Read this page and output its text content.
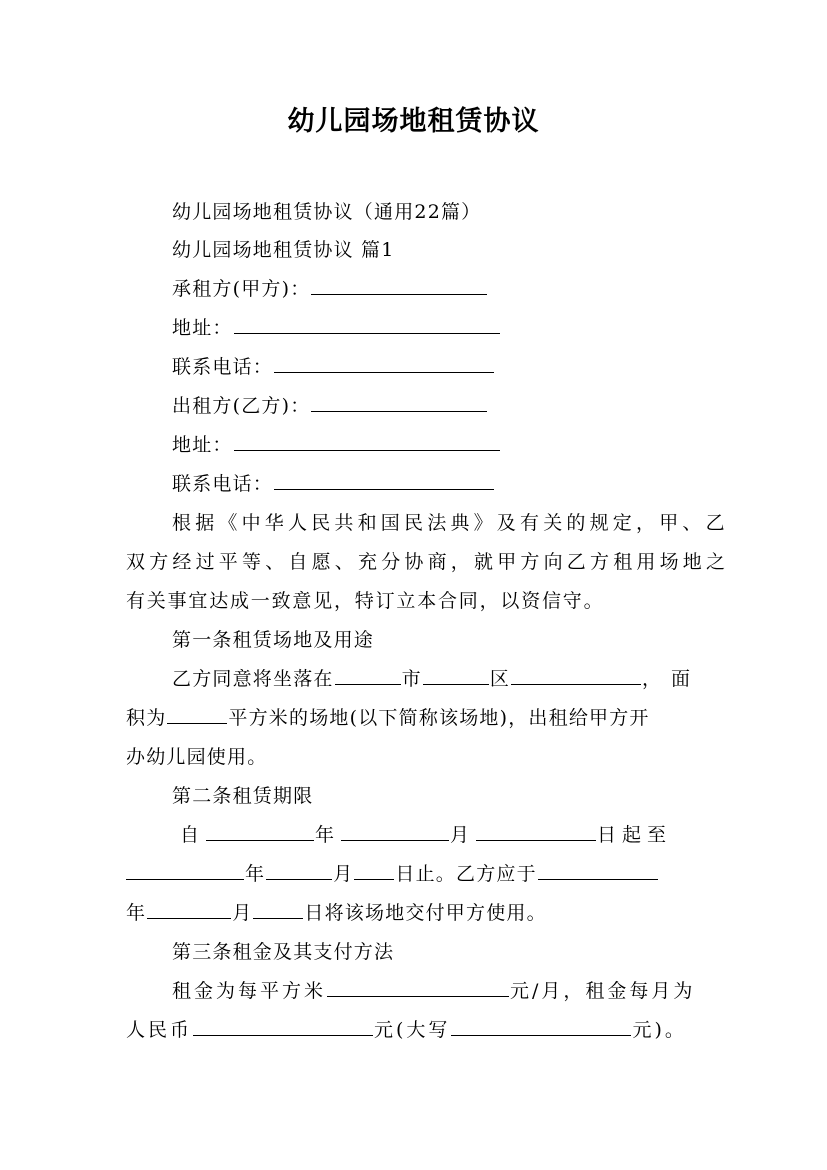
幼儿园场地租赁协议
幼儿园场地租赁协议（通用22篇）
幼儿园场地租赁协议 篇1
承租方(甲方)：
地址：
联系电话：
出租方(乙方)：
地址：
联系电话：
根据《中华人民共和国民法典》及有关的规定，甲、乙
双方经过平等、自愿、充分协商，就甲方向乙方租用场地之
有关事宜达成一致意见，特订立本合同，以资信守。
第一条租赁场地及用途
乙方同意将坐落在	市	区	，面
积为	平方米的场地(以下简称该场地)，出租给甲方开
办幼儿园使用。
第二条租赁期限
自	年	月	日起至
年	月 日止。乙方应于
年	月	日将该场地交付甲方使用。
第三条租金及其支付方法
租金为每平方米	元/月，租金每月为
人民币	元(大写	元)。
